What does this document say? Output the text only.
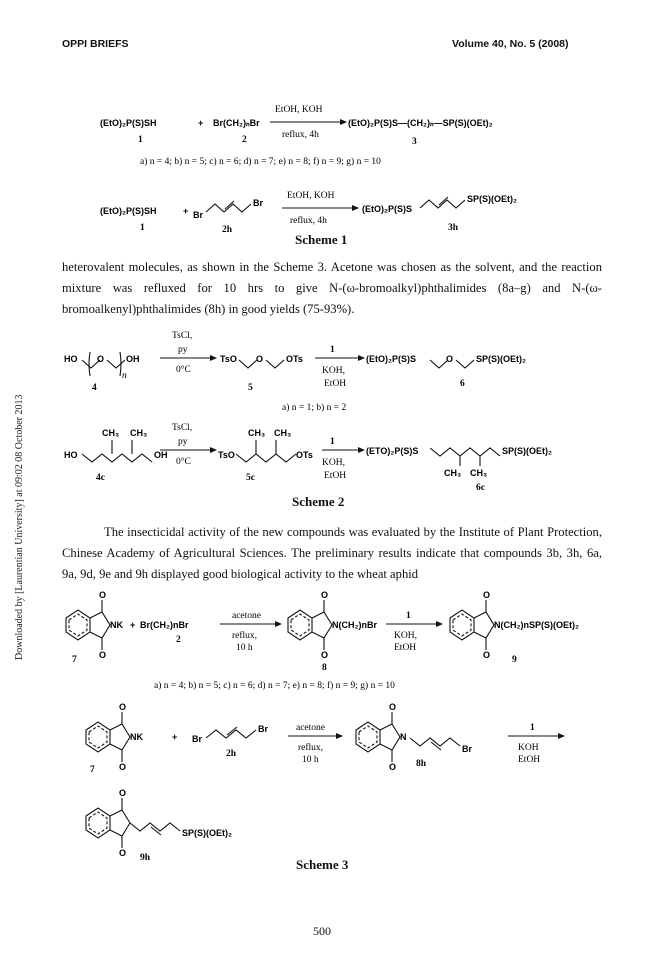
OPPI BRIEFS	Volume 40, No. 5 (2008)
Downloaded by [Laurentian University] at 09:02 08 October 2013
(EtO)₂P(S)SH	+ Br(CH₂)ₙBr
EtOH, KOH
reflux, 4h
(EtO)₂P(S)S—(CH₂)ₙ—SP(S)(OEt)₂
1	2	3
a) n = 4; b) n = 5; c) n = 6; d) n = 7; e) n = 8; f) n = 9; g) n = 10
(EtO)₂P(S)SH	+ Br
Br
EtOH, KOH
reflux, 4h
(EtO)₂P(S)S
SP(S)(OEt)₂
1	2h	3h
Scheme 1

heterovalent molecules, as shown in the Scheme 3. Acetone was chosen as the solvent, and the reaction mixture was refluxed for 10 hrs to give N-(ω-bromoalkyl)phthalimides (8a–g) and N-(ω-bromoalkenyl)phthalimides (8h) in good yields (75-93%).

HO O OH
n
4
TsCl,
py
0°C
TsO O	OTs
5
1
KOH,
EtOH
(EtO)₂P(S)S	O	SP(S)(OEt)₂
6
a) n = 1; b) n = 2
CH₃ CH₃
HO	OH
4c
TsCl,
py
0°C
TsO
CH₃ CH₃
OTs
5c
1
KOH,
EtOH
(ETO)₂P(S)S	SP(S)(OEt)₂
CH₃ CH₃
6c
Scheme 2

The insecticidal activity of the new compounds was evaluated by the Institute of Plant Protection, Chinese Academy of Agricultural Sciences. The preliminary results indicate that compounds 3b, 3h, 6a, 9a, 9d, 9e and 9h displayed good biological activity to the wheat aphid

O
O
NK
7
+ Br(CH₂)nBr
2
acetone
reflux,
10 h
O
O
N(CH₂)nBr
8
1
KOH,
EtOH
O
O
N(CH₂)nSP(S)(OEt)₂
9
a) n = 4; b) n = 5; c) n = 6; d) n = 7; e) n = 8; f) n = 9; g) n = 10
O
O
NK
7
+ Br
Br
2h
acetone
reflux,
10 h
O
O
N
Br
8h
1
KOH
EtOH
O
O
SP(S)(OEt)₂
9h	Scheme 3
500
